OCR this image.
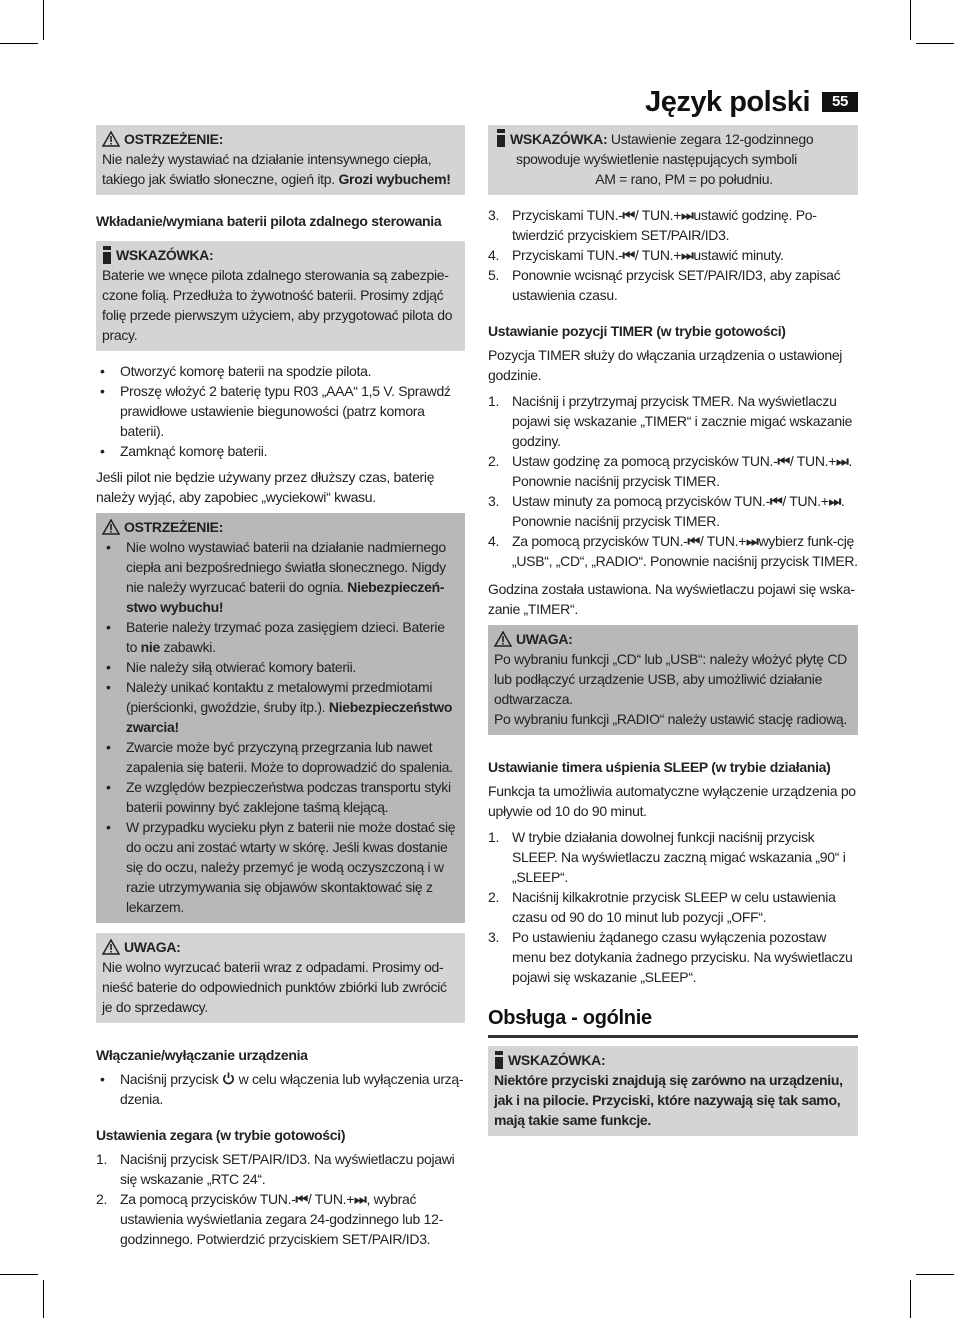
Język polski	55
OSTRZEŻENIE:

Nie należy wystawiać na działanie intensywnego ciepła, takiego jak światło słoneczne, ogień itp. Grozi wybuchem!

Wkładanie/wymiana baterii pilota zdalnego sterowania
WSKAZÓWKA:

Baterie we wnęce pilota zdalnego sterowania są zabezpie-czone folią. Przedłuża to żywotność baterii. Prosimy zdjąć folię przede pierwszym użyciem, aby przygotować pilota do pracy.

• Otworzyć komorę baterii na spodzie pilota.
• Proszę włożyć 2 baterię typu R03 „AAA“ 1,5 V. Sprawdź prawidłowe ustawienie biegunowości (patrz komora baterii).
• Zamknąć komorę baterii.

Jeśli pilot nie będzie używany przez dłuższy czas, baterię należy wyjąć, aby zapobiec „wyciekowi“ kwasu.

OSTRZEŻENIE:
• Nie wolno wystawiać baterii na działanie nadmiernego ciepła ani bezpośredniego światła słonecznego. Nigdy nie należy wyrzucać baterii do ognia. Niebezpieczeń-stwo wybuchu!
• Baterie należy trzymać poza zasięgiem dzieci. Baterie to nie zabawki.
• Nie należy siłą otwierać komory baterii.
• Należy unikać kontaktu z metalowymi przedmiotami (pierścionki, gwoździe, śruby itp.). Niebezpieczeństwo zwarcia!
• Zwarcie może być przyczyną przegrzania lub nawet zapalenia się baterii. Może to doprowadzić do spalenia.
• Ze względów bezpieczeństwa podczas transportu styki baterii powinny być zaklejone taśmą klejącą.
• W przypadku wycieku płyn z baterii nie może dostać się do oczu ani zostać wtarty w skórę. Jeśli kwas dostanie się do oczu, należy przemyć je wodą oczyszczoną i w razie utrzymywania się objawów skontaktować się z lekarzem.
UWAGA:

Nie wolno wyrzucać baterii wraz z odpadami. Prosimy od-nieść baterie do odpowiednich punktów zbiórki lub zwrócić je do sprzedawcy.

Włączanie/wyłączanie urządzenia
• Naciśnij przycisk w celu włączenia lub wyłączenia urzą-dzenia.
Ustawienia zegara (w trybie gotowości)
1. Naciśnij przycisk SET/PAIR/ID3. Na wyświetlaczu pojawi się wskazanie „RTC 24“.
2. Za pomocą przycisków TUN.-⏮/ TUN.+⏭, wybrać ustawienia wyświetlania zegara 24-godzinnego lub 12-godzinnego. Potwierdzić przyciskiem SET/PAIR/ID3.

WSKAZÓWKA: Ustawienie zegara 12-godzinnego spowoduje wyświetlenie następujących symboli

AM = rano, PM = po południu.

3. Przyciskami TUN.-⏮/ TUN.+⏭ustawić godzinę. Po-twierdzić przyciskiem SET/PAIR/ID3.
4. Przyciskami TUN.-⏮/ TUN.+⏭ustawić minuty.
5. Ponownie wcisnąć przycisk SET/PAIR/ID3, aby zapisać ustawienia czasu.
Ustawianie pozycji TIMER (w trybie gotowości)

Pozycja TIMER służy do włączania urządzenia o ustawionej godzinie.

1. Naciśnij i przytrzymaj przycisk TMER. Na wyświetlaczu pojawi się wskazanie „TIMER“ i zacznie migać wskazanie godziny.
2. Ustaw godzinę za pomocą przycisków TUN.-⏮/ TUN.+⏭. Ponownie naciśnij przycisk TIMER.
3. Ustaw minuty za pomocą przycisków TUN.-⏮/ TUN.+⏭. Ponownie naciśnij przycisk TIMER.
4. Za pomocą przycisków TUN.-⏮/ TUN.+⏭wybierz funk-cję „USB“, „CD“, „RADIO“. Ponownie naciśnij przycisk TIMER.

Godzina została ustawiona. Na wyświetlaczu pojawi się wska-zanie „TIMER“.

UWAGA:

Po wybraniu funkcji „CD“ lub „USB“: należy włożyć płytę CD lub podłączyć urządzenie USB, aby umożliwić działanie odtwarzacza.

Po wybraniu funkcji „RADIO“ należy ustawić stację radiową.

Ustawianie timera uśpienia SLEEP (w trybie działania)

Funkcja ta umożliwia automatyczne wyłączenie urządzenia po upływie od 10 do 90 minut.

1. W trybie działania dowolnej funkcji naciśnij przycisk SLEEP. Na wyświetlaczu zaczną migać wskazania „90“ i „SLEEP“.
2. Naciśnij kilkakrotnie przycisk SLEEP w celu ustawienia czasu od 90 do 10 minut lub pozycji „OFF“.
3. Po ustawieniu żądanego czasu wyłączenia pozostaw menu bez dotykania żadnego przycisku. Na wyświetlaczu pojawi się wskazanie „SLEEP“.
Obsługa - ogólnie
WSKAZÓWKA:

Niektóre przyciski znajdują się zarówno na urządzeniu, jak i na pilocie. Przyciski, które nazywają się tak samo, mają takie same funkcje.
